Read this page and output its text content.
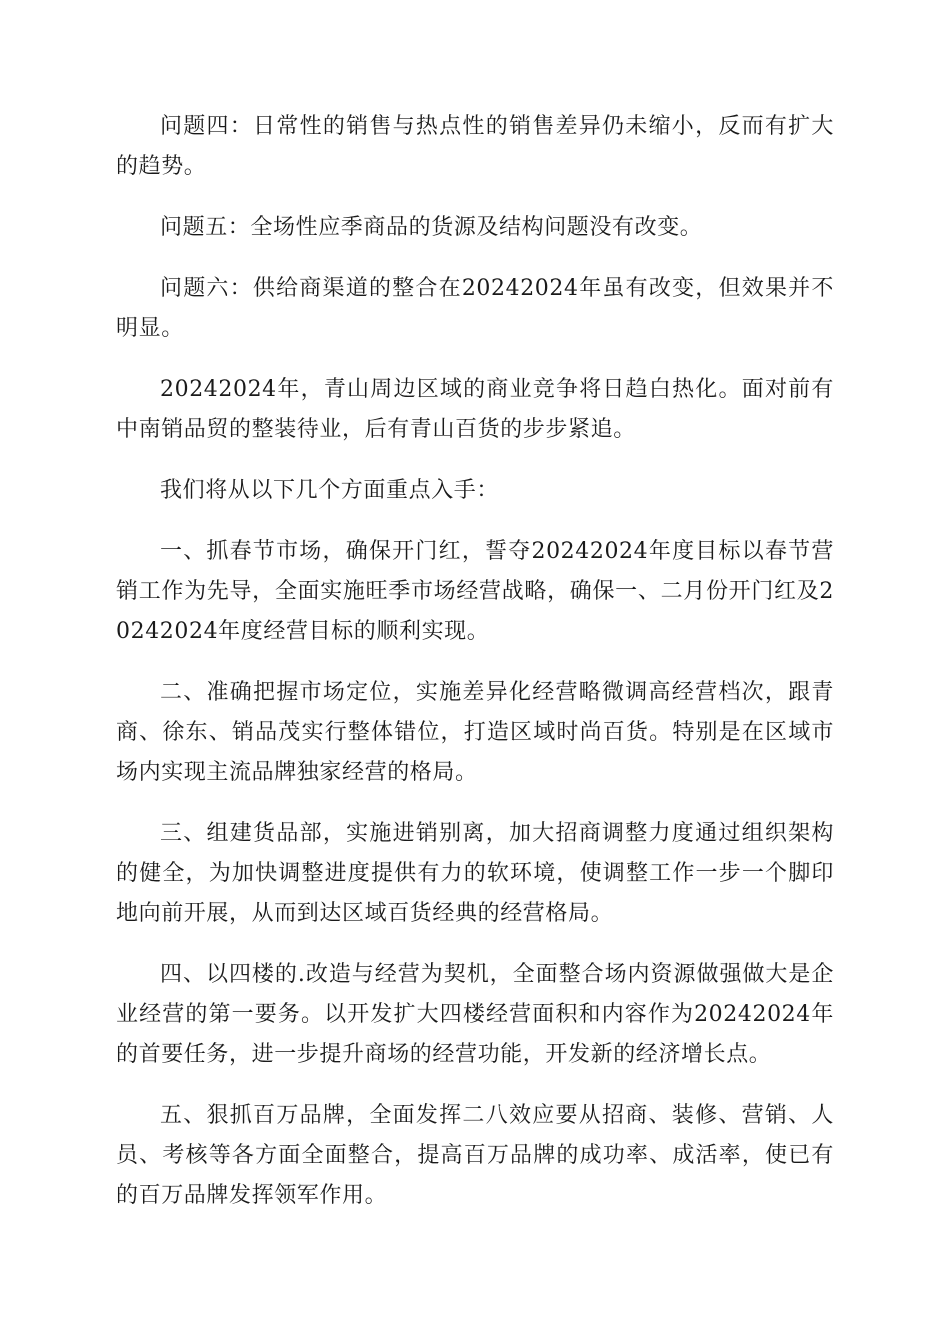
问题四：日常性的销售与热点性的销售差异仍未缩小，反而有扩大的趋势。

问题五：全场性应季商品的货源及结构问题没有改变。

问题六：供给商渠道的整合在20242024年虽有改变，但效果并不明显。

20242024年，青山周边区域的商业竞争将日趋白热化。面对前有中南销品贸的整装待业，后有青山百货的步步紧追。

我们将从以下几个方面重点入手：

一、抓春节市场，确保开门红，誓夺20242024年度目标以春节营销工作为先导，全面实施旺季市场经营战略，确保一、二月份开门红及20242024年度经营目标的顺利实现。

二、准确把握市场定位，实施差异化经营略微调高经营档次，跟青商、徐东、销品茂实行整体错位，打造区域时尚百货。特别是在区域市场内实现主流品牌独家经营的格局。

三、组建货品部，实施进销别离，加大招商调整力度通过组织架构的健全，为加快调整进度提供有力的软环境，使调整工作一步一个脚印地向前开展，从而到达区域百货经典的经营格局。

四、以四楼的.改造与经营为契机，全面整合场内资源做强做大是企业经营的第一要务。以开发扩大四楼经营面积和内容作为20242024年的首要任务，进一步提升商场的经营功能，开发新的经济增长点。

五、狠抓百万品牌，全面发挥二八效应要从招商、装修、营销、人员、考核等各方面全面整合，提高百万品牌的成功率、成活率，使已有的百万品牌发挥领军作用。
